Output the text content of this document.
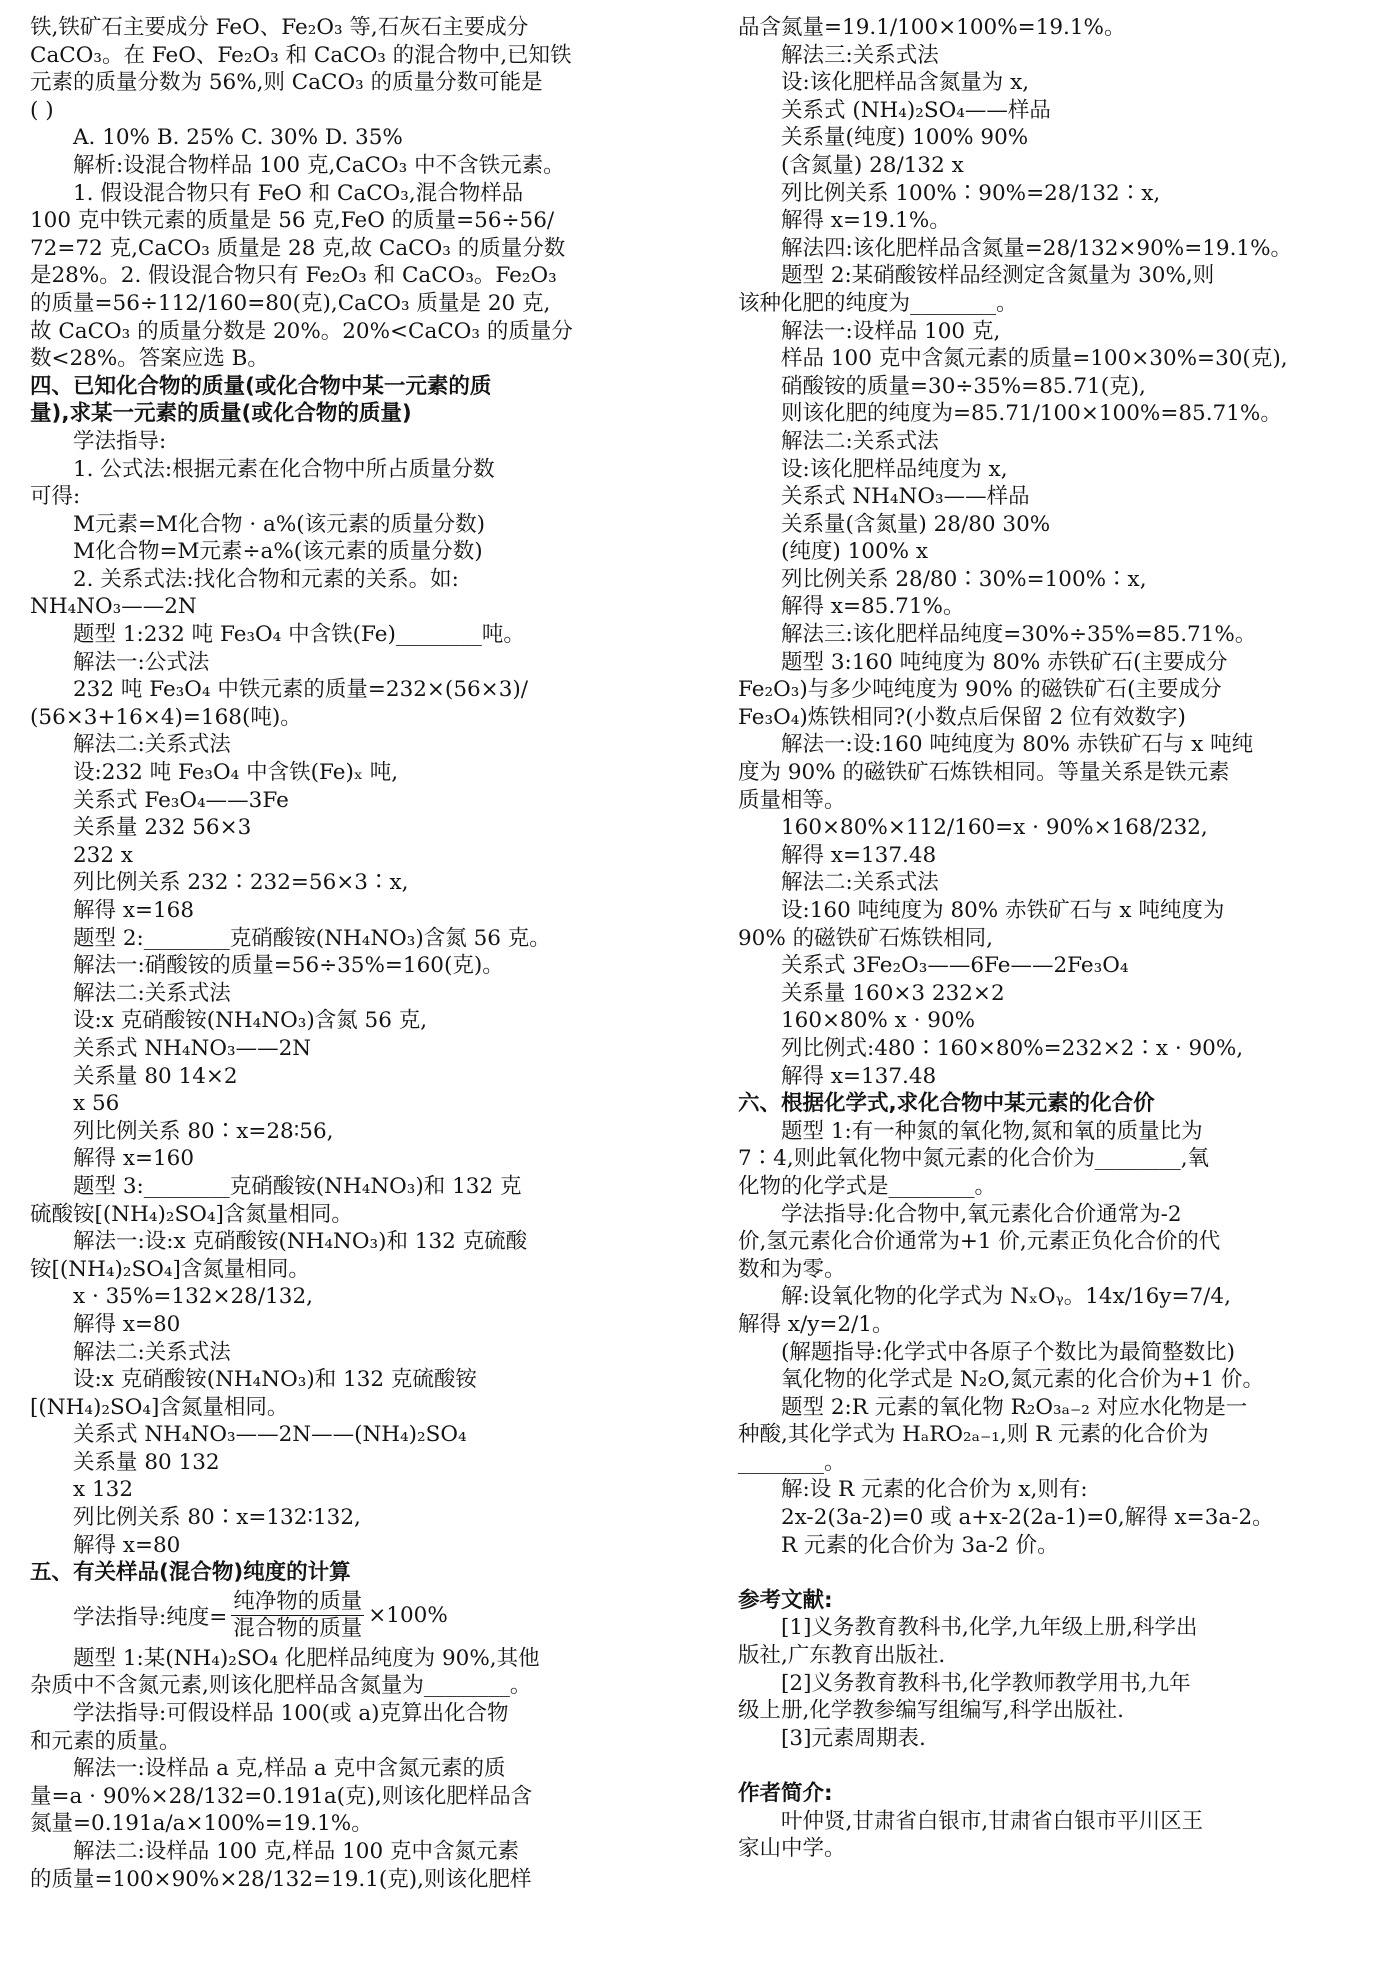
铁,铁矿石主要成分 FeO、Fe₂O₃ 等,石灰石主要成分
CaCO₃。在 FeO、Fe₂O₃ 和 CaCO₃ 的混合物中,已知铁
元素的质量分数为 56%,则 CaCO₃ 的质量分数可能是
( )
A. 10% B. 25% C. 30% D. 35%
解析:设混合物样品 100 克,CaCO₃ 中不含铁元素。
1. 假设混合物只有 FeO 和 CaCO₃,混合物样品
100 克中铁元素的质量是 56 克,FeO 的质量=56÷56/
72=72 克,CaCO₃ 质量是 28 克,故 CaCO₃ 的质量分数
是28%。2. 假设混合物只有 Fe₂O₃ 和 CaCO₃。Fe₂O₃
的质量=56÷112/160=80(克),CaCO₃ 质量是 20 克,
故 CaCO₃ 的质量分数是 20%。20%<CaCO₃ 的质量分
数<28%。答案应选 B。
四、已知化合物的质量(或化合物中某一元素的质
量),求某一元素的质量(或化合物的质量)
学法指导:
1. 公式法:根据元素在化合物中所占质量分数
可得:
M元素=M化合物 · a%(该元素的质量分数)
M化合物=M元素÷a%(该元素的质量分数)
2. 关系式法:找化合物和元素的关系。如:
NH₄NO₃——2N
题型 1:232 吨 Fe₃O₄ 中含铁(Fe)________吨。
解法一:公式法
232 吨 Fe₃O₄ 中铁元素的质量=232×(56×3)/
(56×3+16×4)=168(吨)。
解法二:关系式法
设:232 吨 Fe₃O₄ 中含铁(Fe)ₓ 吨,
关系式 Fe₃O₄——3Fe
关系量 232 56×3
232 x
列比例关系 232∶232=56×3∶x,
解得 x=168
题型 2:________克硝酸铵(NH₄NO₃)含氮 56 克。
解法一:硝酸铵的质量=56÷35%=160(克)。
解法二:关系式法
设:x 克硝酸铵(NH₄NO₃)含氮 56 克,
关系式 NH₄NO₃——2N
关系量 80 14×2
x 56
列比例关系 80∶x=28∶56,
解得 x=160
题型 3:________克硝酸铵(NH₄NO₃)和 132 克
硫酸铵[(NH₄)₂SO₄]含氮量相同。
解法一:设:x 克硝酸铵(NH₄NO₃)和 132 克硫酸
铵[(NH₄)₂SO₄]含氮量相同。
x · 35%=132×28/132,
解得 x=80
解法二:关系式法
设:x 克硝酸铵(NH₄NO₃)和 132 克硫酸铵
[(NH₄)₂SO₄]含氮量相同。
关系式 NH₄NO₃——2N——(NH₄)₂SO₄
关系量 80 132
x 132
列比例关系 80∶x=132∶132,
解得 x=80
五、有关样品(混合物)纯度的计算
学法指导:纯度= $\frac{\text{纯净物的质量}}{\text{混合物的质量}} \times 100\%$
题型 1:某(NH₄)₂SO₄ 化肥样品纯度为 90%,其他
杂质中不含氮元素,则该化肥样品含氮量为________。
学法指导:可假设样品 100(或 a)克算出化合物
和元素的质量。
解法一:设样品 a 克,样品 a 克中含氮元素的质
量=a · 90%×28/132=0.191a(克),则该化肥样品含
氮量=0.191a/a×100%=19.1%。
解法二:设样品 100 克,样品 100 克中含氮元素
的质量=100×90%×28/132=19.1(克),则该化肥样
品含氮量=19.1/100×100%=19.1%。
解法三:关系式法
设:该化肥样品含氮量为 x,
关系式 (NH₄)₂SO₄——样品
关系量(纯度) 100% 90%
(含氮量) 28/132 x
列比例关系 100%∶90%=28/132∶x,
解得 x=19.1%。
解法四:该化肥样品含氮量=28/132×90%=19.1%。
题型 2:某硝酸铵样品经测定含氮量为 30%,则
该种化肥的纯度为________。
解法一:设样品 100 克,
样品 100 克中含氮元素的质量=100×30%=30(克),
硝酸铵的质量=30÷35%=85.71(克),
则该化肥的纯度为=85.71/100×100%=85.71%。
解法二:关系式法
设:该化肥样品纯度为 x,
关系式 NH₄NO₃——样品
关系量(含氮量) 28/80 30%
(纯度) 100% x
列比例关系 28/80∶30%=100%∶x,
解得 x=85.71%。
解法三:该化肥样品纯度=30%÷35%=85.71%。
题型 3:160 吨纯度为 80% 赤铁矿石(主要成分
Fe₂O₃)与多少吨纯度为 90% 的磁铁矿石(主要成分
Fe₃O₄)炼铁相同?(小数点后保留 2 位有效数字)
解法一:设:160 吨纯度为 80% 赤铁矿石与 x 吨纯
度为 90% 的磁铁矿石炼铁相同。等量关系是铁元素
质量相等。
160×80%×112/160=x · 90%×168/232,
解得 x=137.48
解法二:关系式法
设:160 吨纯度为 80% 赤铁矿石与 x 吨纯度为
90% 的磁铁矿石炼铁相同,
关系式 3Fe₂O₃——6Fe——2Fe₃O₄
关系量 160×3 232×2
160×80% x · 90%
列比例式:480∶160×80%=232×2∶x · 90%,
解得 x=137.48
六、根据化学式,求化合物中某元素的化合价
题型 1:有一种氮的氧化物,氮和氧的质量比为
7∶4,则此氧化物中氮元素的化合价为________,氧
化物的化学式是________。
学法指导:化合物中,氧元素化合价通常为-2
价,氢元素化合价通常为+1 价,元素正负化合价的代
数和为零。
解:设氧化物的化学式为 NₓOᵧ。14x/16y=7/4,
解得 x/y=2/1。
(解题指导:化学式中各原子个数比为最简整数比)
氧化物的化学式是 N₂O,氮元素的化合价为+1 价。
题型 2:R 元素的氧化物 R₂O₃ₐ₋₂ 对应水化物是一
种酸,其化学式为 HₐRO₂ₐ₋₁,则 R 元素的化合价为
________。
解:设 R 元素的化合价为 x,则有:
2x-2(3a-2)=0 或 a+x-2(2a-1)=0,解得 x=3a-2。
R 元素的化合价为 3a-2 价。
参考文献:
[1]义务教育教科书,化学,九年级上册,科学出
版社,广东教育出版社.
[2]义务教育教科书,化学教师教学用书,九年
级上册,化学教参编写组编写,科学出版社.
[3]元素周期表.
作者简介:
叶仲贤,甘肃省白银市,甘肃省白银市平川区王
家山中学。
